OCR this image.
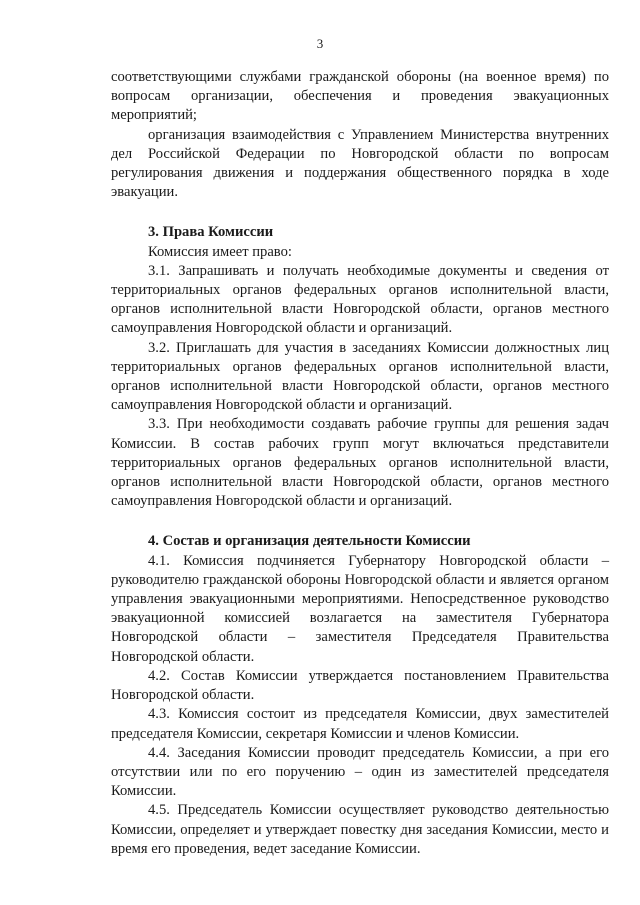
3

соответствующими службами гражданской обороны (на военное время) по вопросам организации, обеспечения и проведения эвакуационных мероприятий;

организация взаимодействия с Управлением Министерства внутренних дел Российской Федерации по Новгородской области по вопросам регулирования движения и поддержания общественного порядка в ходе эвакуации.

3. Права Комиссии

Комиссия имеет право:

3.1. Запрашивать и получать необходимые документы и сведения от территориальных органов федеральных органов исполнительной власти, органов исполнительной власти Новгородской области, органов местного самоуправления Новгородской области и организаций.

3.2. Приглашать для участия в заседаниях Комиссии должностных лиц территориальных органов федеральных органов исполнительной власти, органов исполнительной власти Новгородской области, органов местного самоуправления Новгородской области и организаций.

3.3. При необходимости создавать рабочие группы для решения задач Комиссии. В состав рабочих групп могут включаться представители территориальных органов федеральных органов исполнительной власти, органов исполнительной власти Новгородской области, органов местного самоуправления Новгородской области и организаций.

4. Состав и организация деятельности Комиссии

4.1. Комиссия подчиняется Губернатору Новгородской области – руководителю гражданской обороны Новгородской области и является органом управления эвакуационными мероприятиями. Непосредственное руководство эвакуационной комиссией возлагается на заместителя Губернатора Новгородской области – заместителя Председателя Правительства Новгородской области.

4.2. Состав Комиссии утверждается постановлением Правительства Новгородской области.

4.3. Комиссия состоит из председателя Комиссии, двух заместителей председателя Комиссии, секретаря Комиссии и членов Комиссии.

4.4. Заседания Комиссии проводит председатель Комиссии, а при его отсутствии или по его поручению – один из заместителей председателя Комиссии.

4.5. Председатель Комиссии осуществляет руководство деятельностью Комиссии, определяет и утверждает повестку дня заседания Комиссии, место и время его проведения, ведет заседание Комиссии.
